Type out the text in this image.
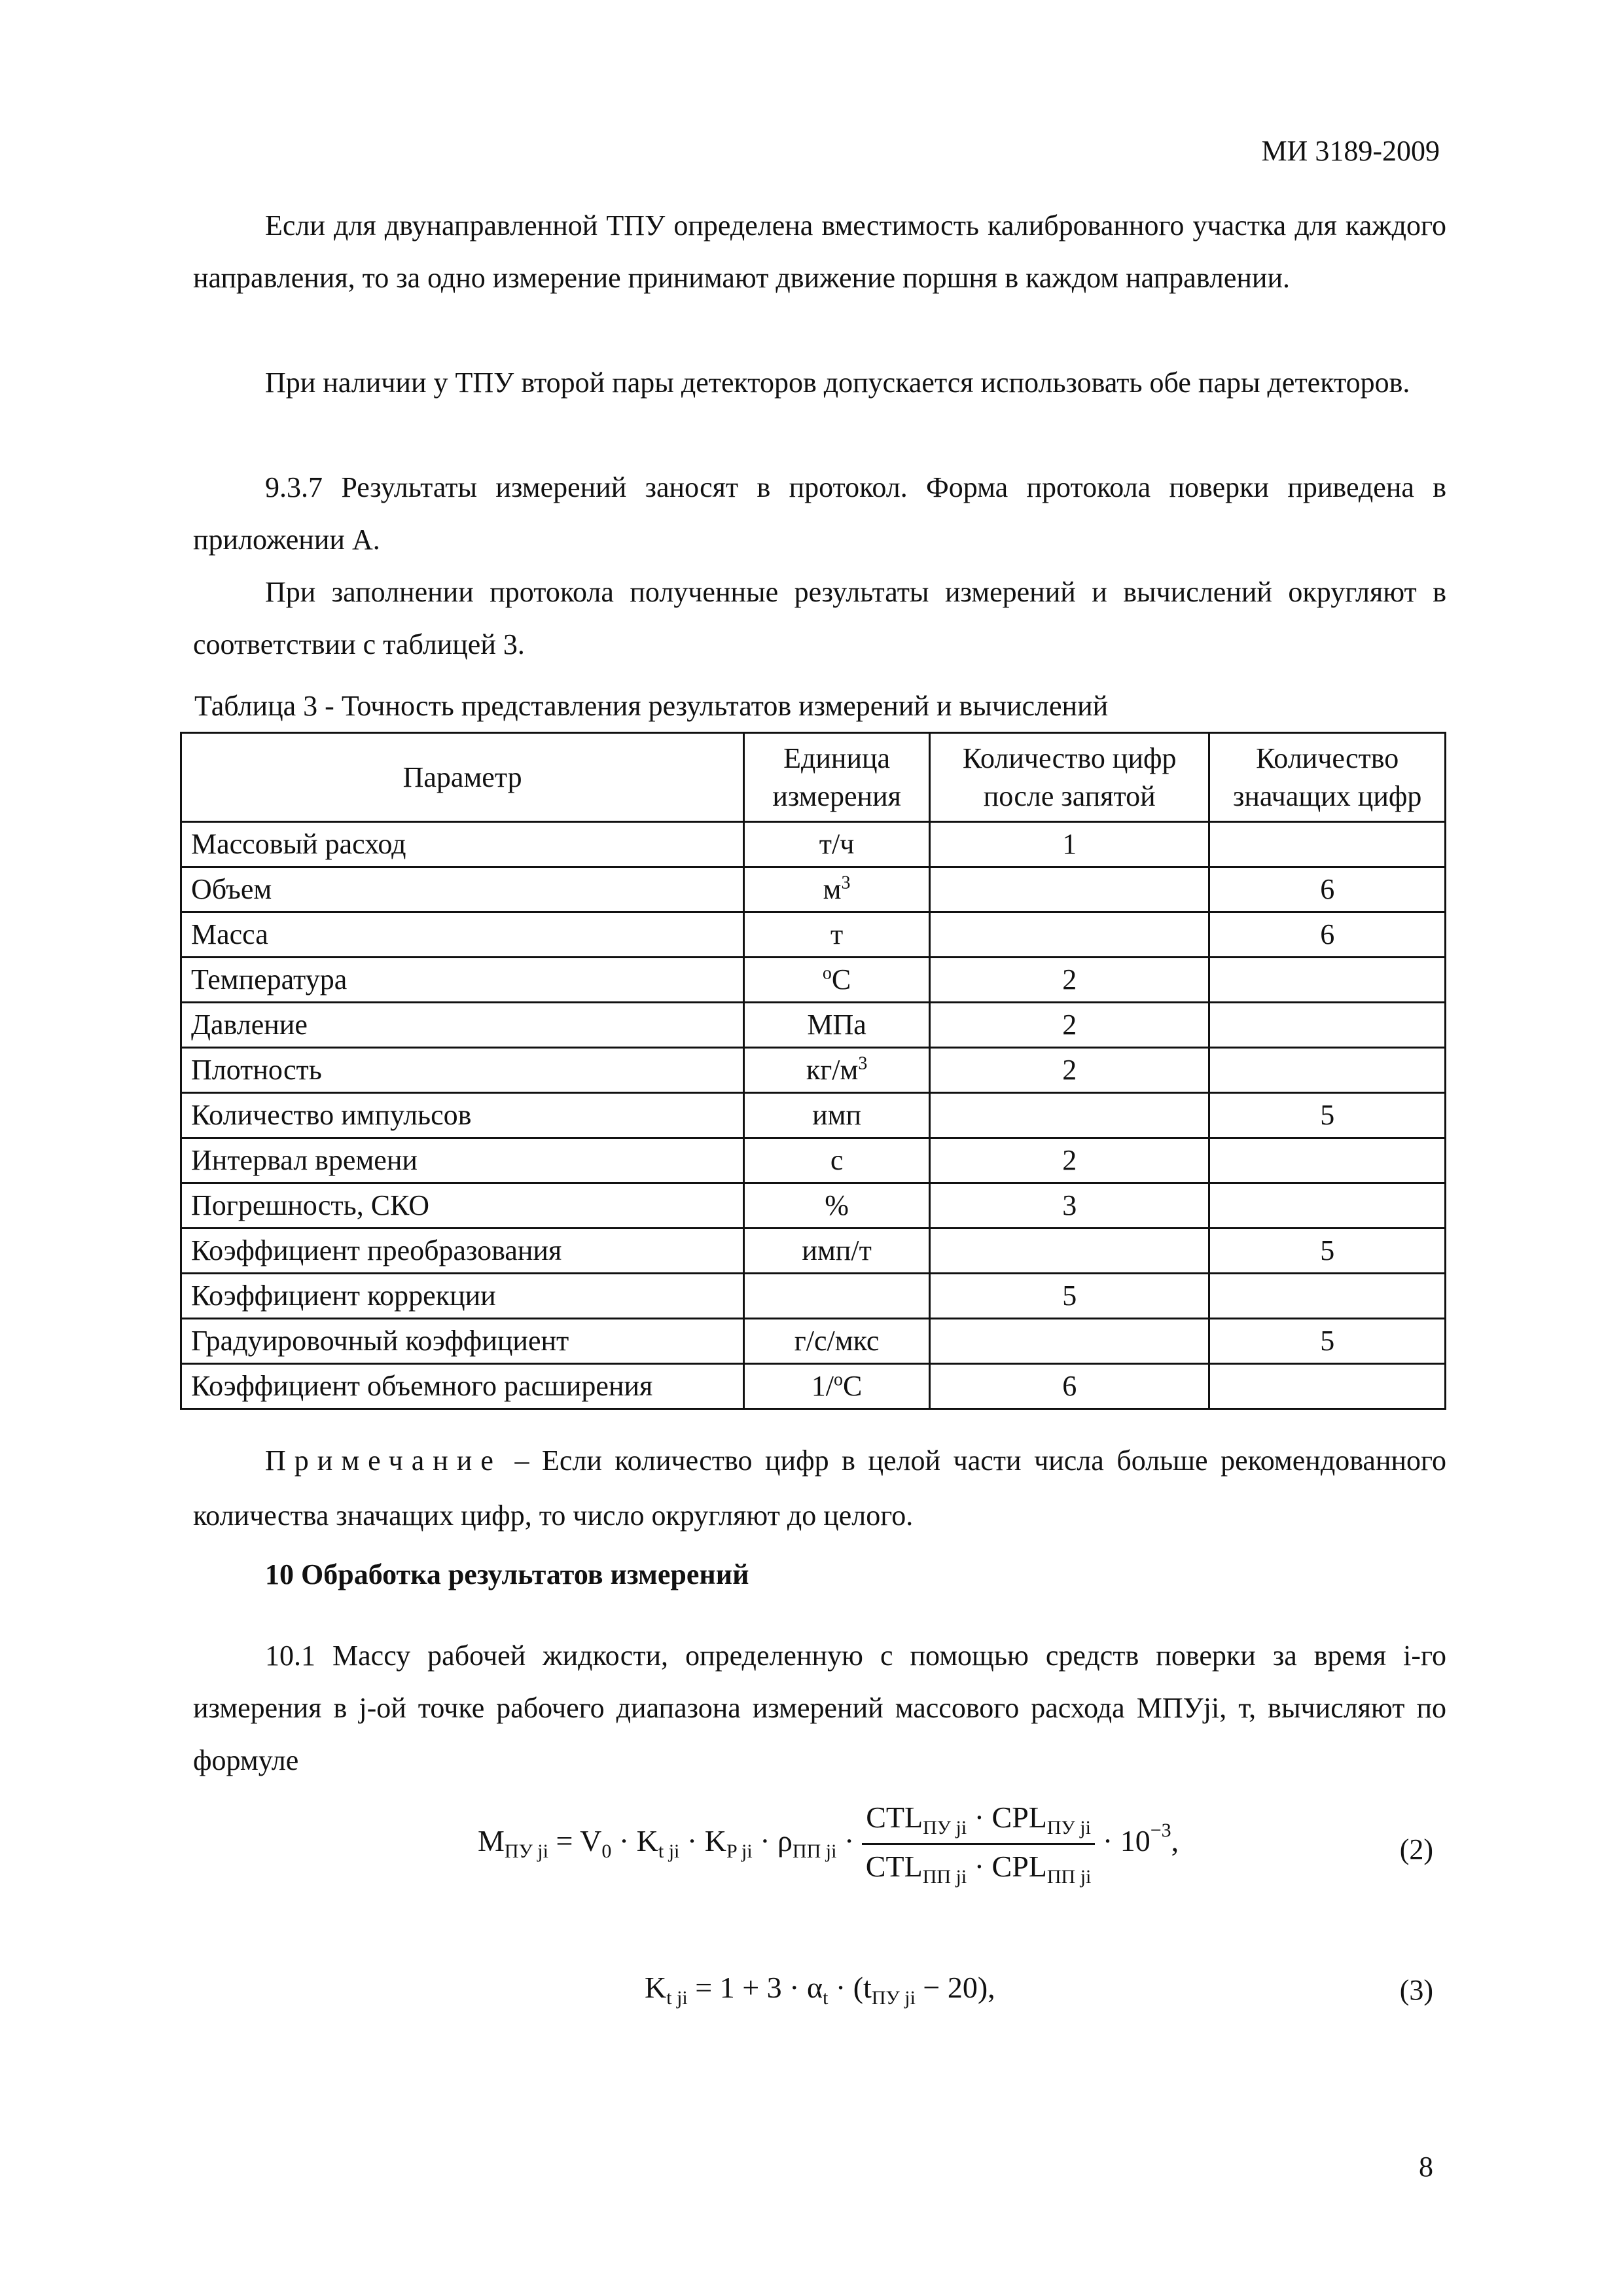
МИ 3189-2009

Если для двунаправленной ТПУ определена вместимость калиброванного участка для каждого направления, то за одно измерение принимают движение поршня в каждом направлении.

При наличии у ТПУ второй пары детекторов допускается использовать обе пары детекторов.

9.3.7 Результаты измерений заносят в протокол. Форма протокола поверки приведена в приложении А.

При заполнении протокола полученные результаты измерений и вычислений округляют в соответствии с таблицей 3.

Таблица 3 - Точность представления результатов измерений и вычислений
Параметр	Единица измерения	Количество цифр после запятой	Количество значащих цифр
Массовый расход	т/ч	1	
Объем	$м^3$		6
Масса	т		6
Температура	$^о$С	2	
Давление	МПа	2	
Плотность	$кг/м^3$	2	
Количество импульсов	имп		5
Интервал времени	с	2	
Погрешность, СКО	%	3	
Коэффициент преобразования	имп/т		5
Коэффициент коррекции		5	
Градуировочный коэффициент	г/с/мкс		5
Коэффициент объемного расширения	1/$^о$С	6	

Примечание – Если количество цифр в целой части числа больше рекомендованного количества значащих цифр, то число округляют до целого.

10 Обработка результатов измерений

10.1 Массу рабочей жидкости, определенную с помощью средств поверки за время i-го измерения в j-ой точке рабочего диапазона измерений массового расхода MПУji, т, вычисляют по формуле

$M_{ПУ ji} = V_0 \cdot K_{t ji} \cdot K_{P ji} \cdot \rho_{ПП ji} \cdot \frac{CTL_{ПУ ji} \cdot CPL_{ПУ ji}}{CTL_{ПП ji} \cdot CPL_{ПП ji}} \cdot 10^{-3}$,	(2)
$K_{t ji} = 1 + 3 \cdot \alpha_t \cdot (t_{ПУ ji} - 20)$,	(3)
8
